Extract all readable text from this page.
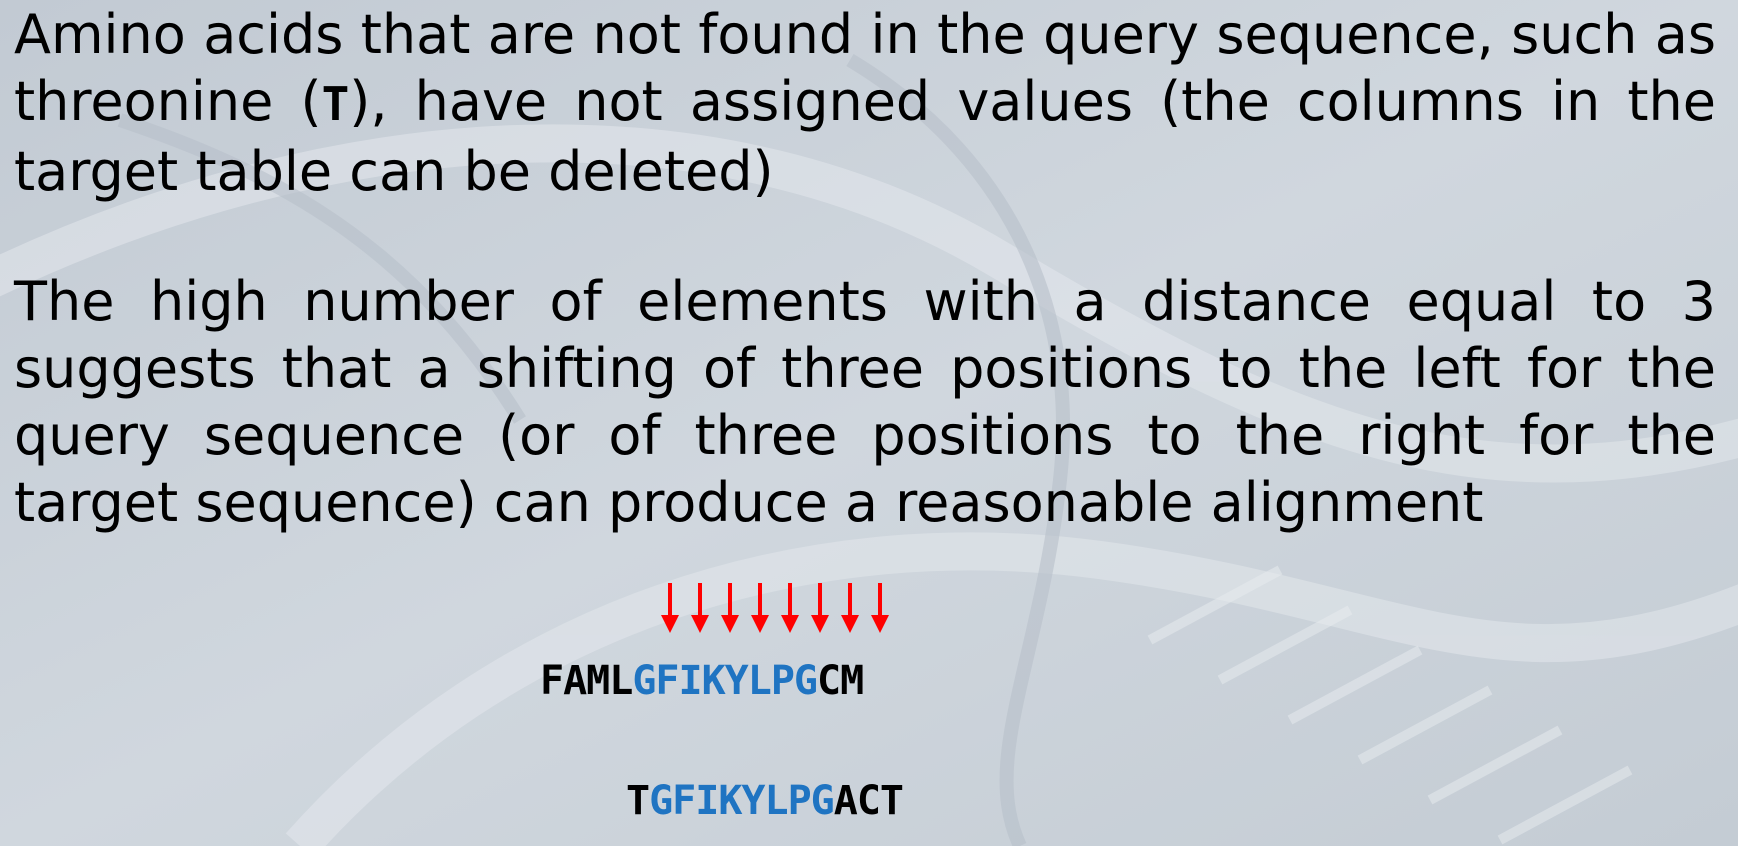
Amino acids that are not found in the query sequence, such as threonine (T), have not assigned values (the columns in the target table can be deleted)

The high number of elements with a distance equal to 3 suggests that a shifting of three positions to the left for the query sequence (or of three positions to the right for the target sequence) can produce a reasonable alignment

FAMLGFIKYLPGCM
TGFIKYLPGACT
